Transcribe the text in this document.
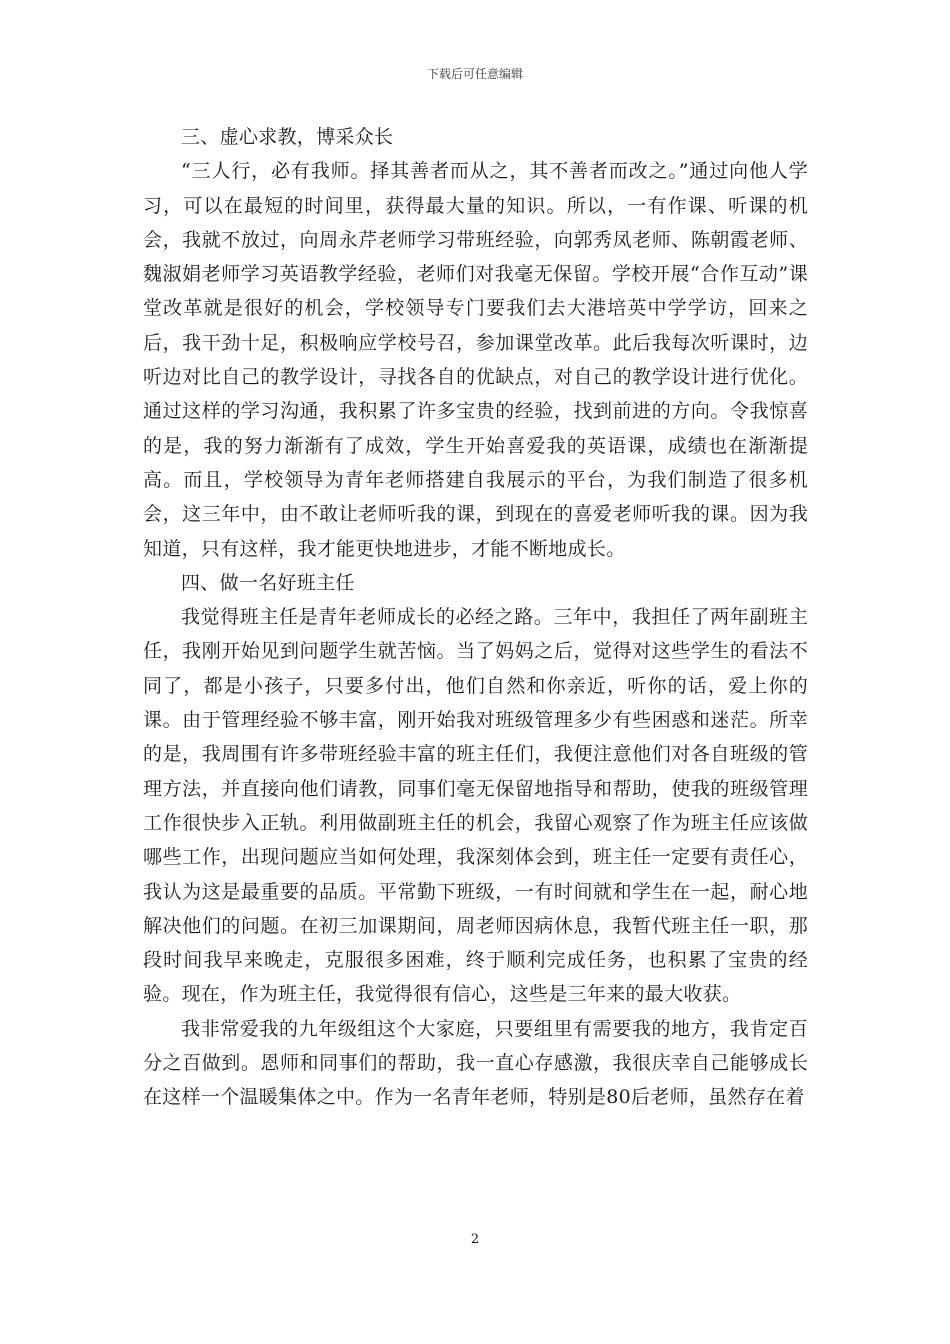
下载后可任意编辑

三、虚心求教，博采众长

“三人行，必有我师。择其善者而从之，其不善者而改之。”通过向他人学习，可以在最短的时间里，获得最大量的知识。所以，一有作课、听课的机会，我就不放过，向周永芹老师学习带班经验，向郭秀凤老师、陈朝霞老师、魏淑娟老师学习英语教学经验，老师们对我毫无保留。学校开展“合作互动”课堂改革就是很好的机会，学校领导专门要我们去大港培英中学学访，回来之后，我干劲十足，积极响应学校号召，参加课堂改革。此后我每次听课时，边听边对比自己的教学设计，寻找各自的优缺点，对自己的教学设计进行优化。通过这样的学习沟通，我积累了许多宝贵的经验，找到前进的方向。令我惊喜的是，我的努力渐渐有了成效，学生开始喜爱我的英语课，成绩也在渐渐提高。而且，学校领导为青年老师搭建自我展示的平台，为我们制造了很多机会，这三年中，由不敢让老师听我的课，到现在的喜爱老师听我的课。因为我知道，只有这样，我才能更快地进步，才能不断地成长。

四、做一名好班主任

我觉得班主任是青年老师成长的必经之路。三年中，我担任了两年副班主任，我刚开始见到问题学生就苦恼。当了妈妈之后，觉得对这些学生的看法不同了，都是小孩子，只要多付出，他们自然和你亲近，听你的话，爱上你的课。由于管理经验不够丰富，刚开始我对班级管理多少有些困惑和迷茫。所幸的是，我周围有许多带班经验丰富的班主任们，我便注意他们对各自班级的管理方法，并直接向他们请教，同事们毫无保留地指导和帮助，使我的班级管理工作很快步入正轨。利用做副班主任的机会，我留心观察了作为班主任应该做哪些工作，出现问题应当如何处理，我深刻体会到，班主任一定要有责任心，我认为这是最重要的品质。平常勤下班级，一有时间就和学生在一起，耐心地解决他们的问题。在初三加课期间，周老师因病休息，我暂代班主任一职，那段时间我早来晚走，克服很多困难，终于顺利完成任务，也积累了宝贵的经验。现在，作为班主任，我觉得很有信心，这些是三年来的最大收获。

我非常爱我的九年级组这个大家庭，只要组里有需要我的地方，我肯定百分之百做到。恩师和同事们的帮助，我一直心存感激，我很庆幸自己能够成长在这样一个温暖集体之中。作为一名青年老师，特别是80后老师，虽然存在着

2
